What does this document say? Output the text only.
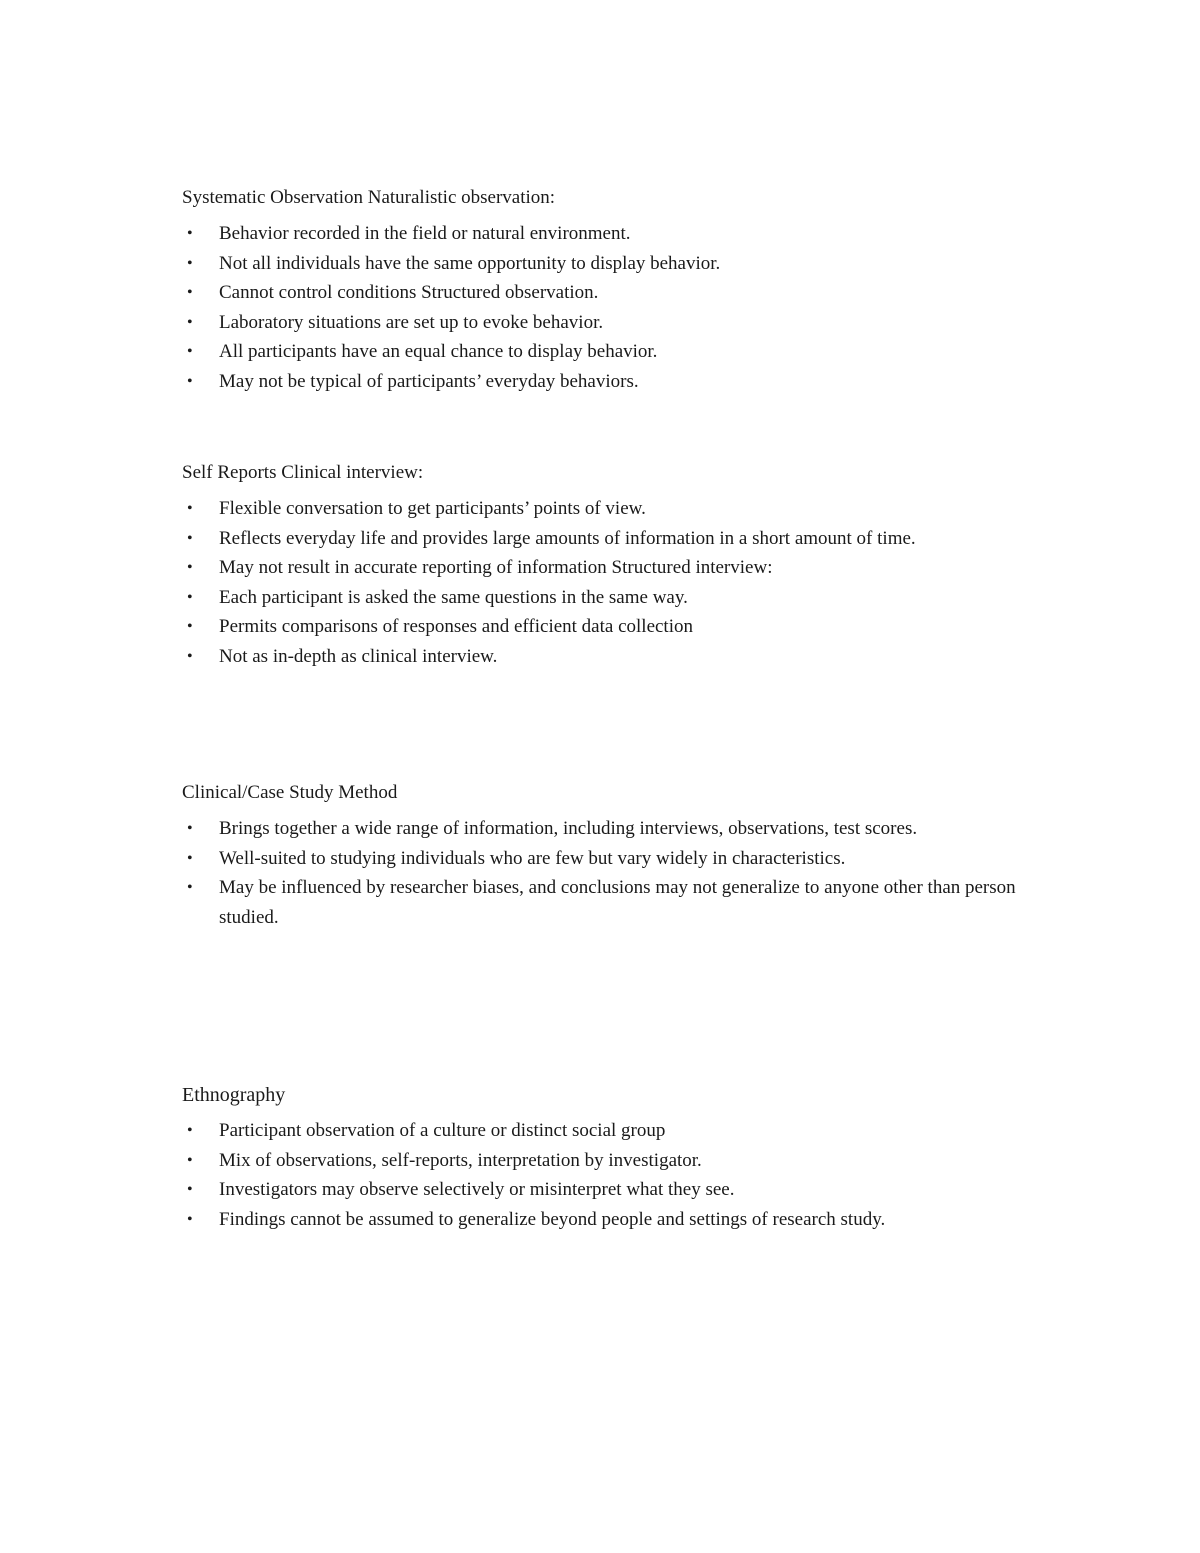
Systematic Observation Naturalistic observation:
• Behavior recorded in the field or natural environment.
• Not all individuals have the same opportunity to display behavior.
• Cannot control conditions Structured observation.
• Laboratory situations are set up to evoke behavior.
• All participants have an equal chance to display behavior.
• May not be typical of participants’ everyday behaviors.
Self Reports Clinical interview:
• Flexible conversation to get participants’ points of view.
• Reflects everyday life and provides large amounts of information in a short amount of time.
• May not result in accurate reporting of information Structured interview:
• Each participant is asked the same questions in the same way.
• Permits comparisons of responses and efficient data collection
• Not as in-depth as clinical interview.
Clinical/Case Study Method
• Brings together a wide range of information, including interviews, observations, test scores.
• Well-suited to studying individuals who are few but vary widely in characteristics.
• May be influenced by researcher biases, and conclusions may not generalize to anyone other than person studied.
Ethnography
• Participant observation of a culture or distinct social group
• Mix of observations, self-reports, interpretation by investigator.
• Investigators may observe selectively or misinterpret what they see.
• Findings cannot be assumed to generalize beyond people and settings of research study.
